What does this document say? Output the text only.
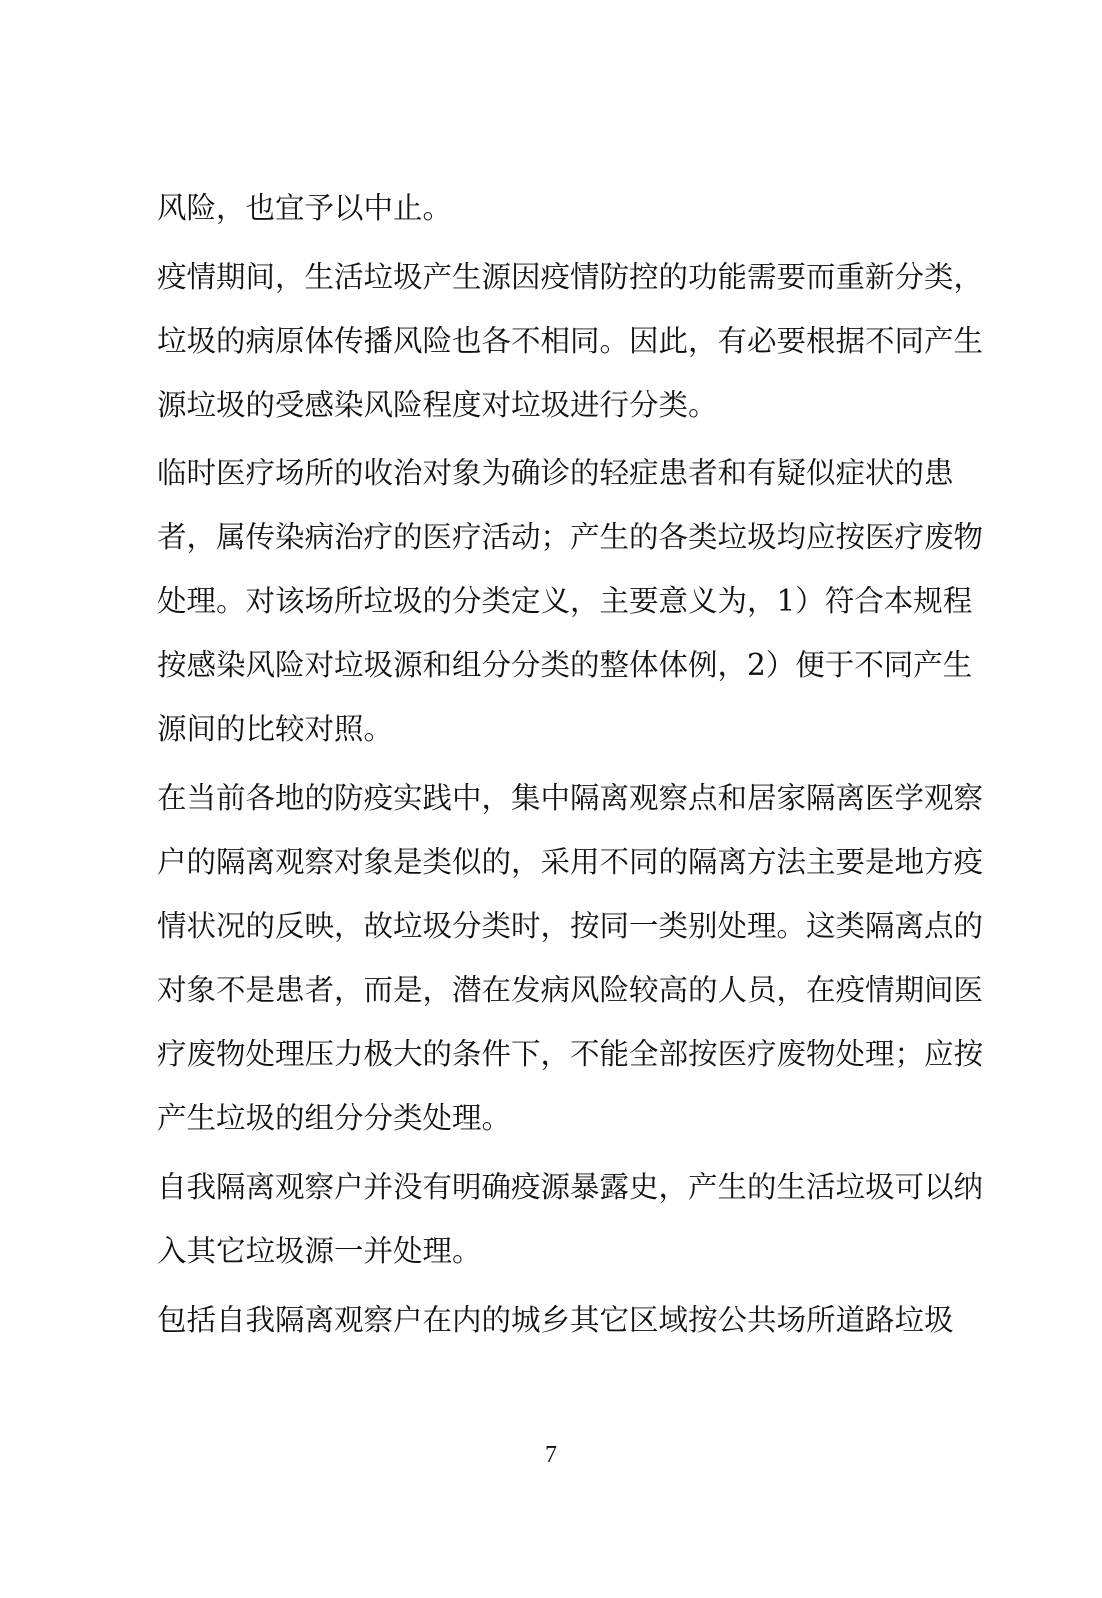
风险，也宜予以中止。
疫情期间，生活垃圾产生源因疫情防控的功能需要而重新分类，
垃圾的病原体传播风险也各不相同。因此，有必要根据不同产生
源垃圾的受感染风险程度对垃圾进行分类。
临时医疗场所的收治对象为确诊的轻症患者和有疑似症状的患
者，属传染病治疗的医疗活动；产生的各类垃圾均应按医疗废物
处理。对该场所垃圾的分类定义，主要意义为，1）符合本规程
按感染风险对垃圾源和组分分类的整体体例，2）便于不同产生
源间的比较对照。
在当前各地的防疫实践中，集中隔离观察点和居家隔离医学观察
户的隔离观察对象是类似的，采用不同的隔离方法主要是地方疫
情状况的反映，故垃圾分类时，按同一类别处理。这类隔离点的
对象不是患者，而是，潜在发病风险较高的人员，在疫情期间医
疗废物处理压力极大的条件下，不能全部按医疗废物处理；应按
产生垃圾的组分分类处理。
自我隔离观察户并没有明确疫源暴露史，产生的生活垃圾可以纳
入其它垃圾源一并处理。
包括自我隔离观察户在内的城乡其它区域按公共场所道路垃圾
7
